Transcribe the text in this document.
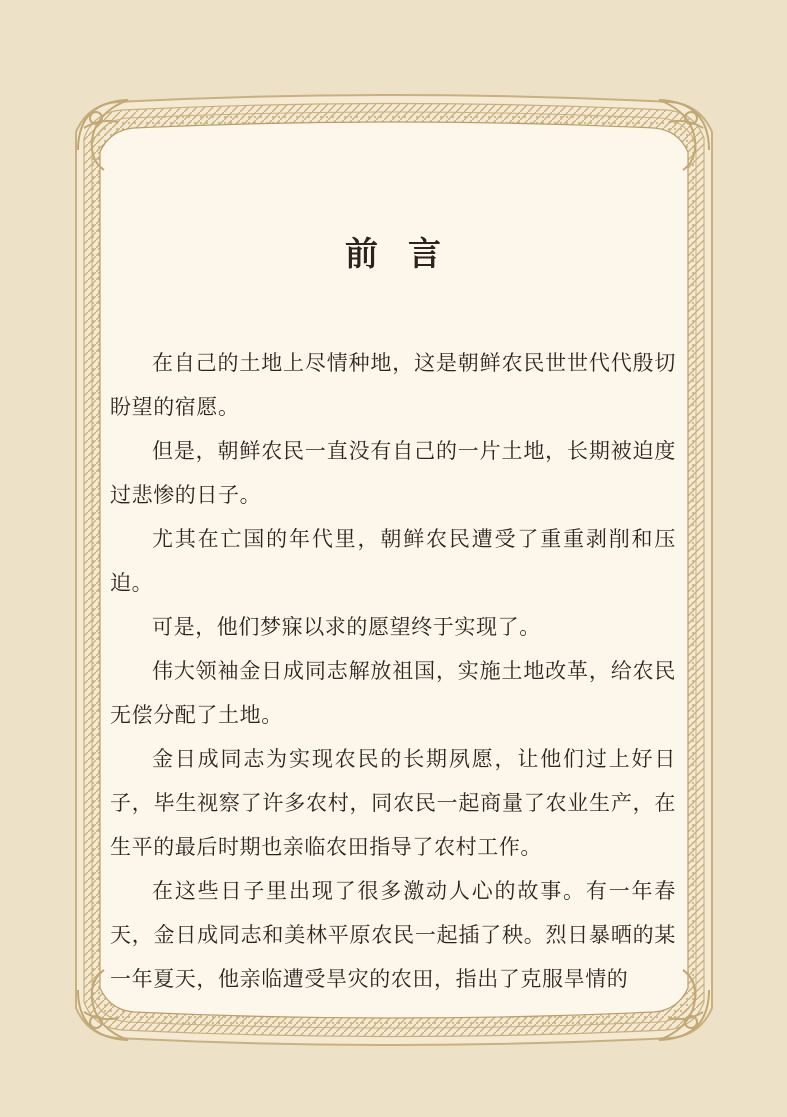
前言

在自己的土地上尽情种地，这是朝鲜农民世世代代殷切盼望的宿愿。

但是，朝鲜农民一直没有自己的一片土地，长期被迫度过悲惨的日子。

尤其在亡国的年代里，朝鲜农民遭受了重重剥削和压迫。

可是，他们梦寐以求的愿望终于实现了。

伟大领袖金日成同志解放祖国，实施土地改革，给农民无偿分配了土地。

金日成同志为实现农民的长期夙愿，让他们过上好日子，毕生视察了许多农村，同农民一起商量了农业生产，在生平的最后时期也亲临农田指导了农村工作。

在这些日子里出现了很多激动人心的故事。有一年春天，金日成同志和美林平原农民一起插了秧。烈日暴晒的某一年夏天，他亲临遭受旱灾的农田，指出了克服旱情的
